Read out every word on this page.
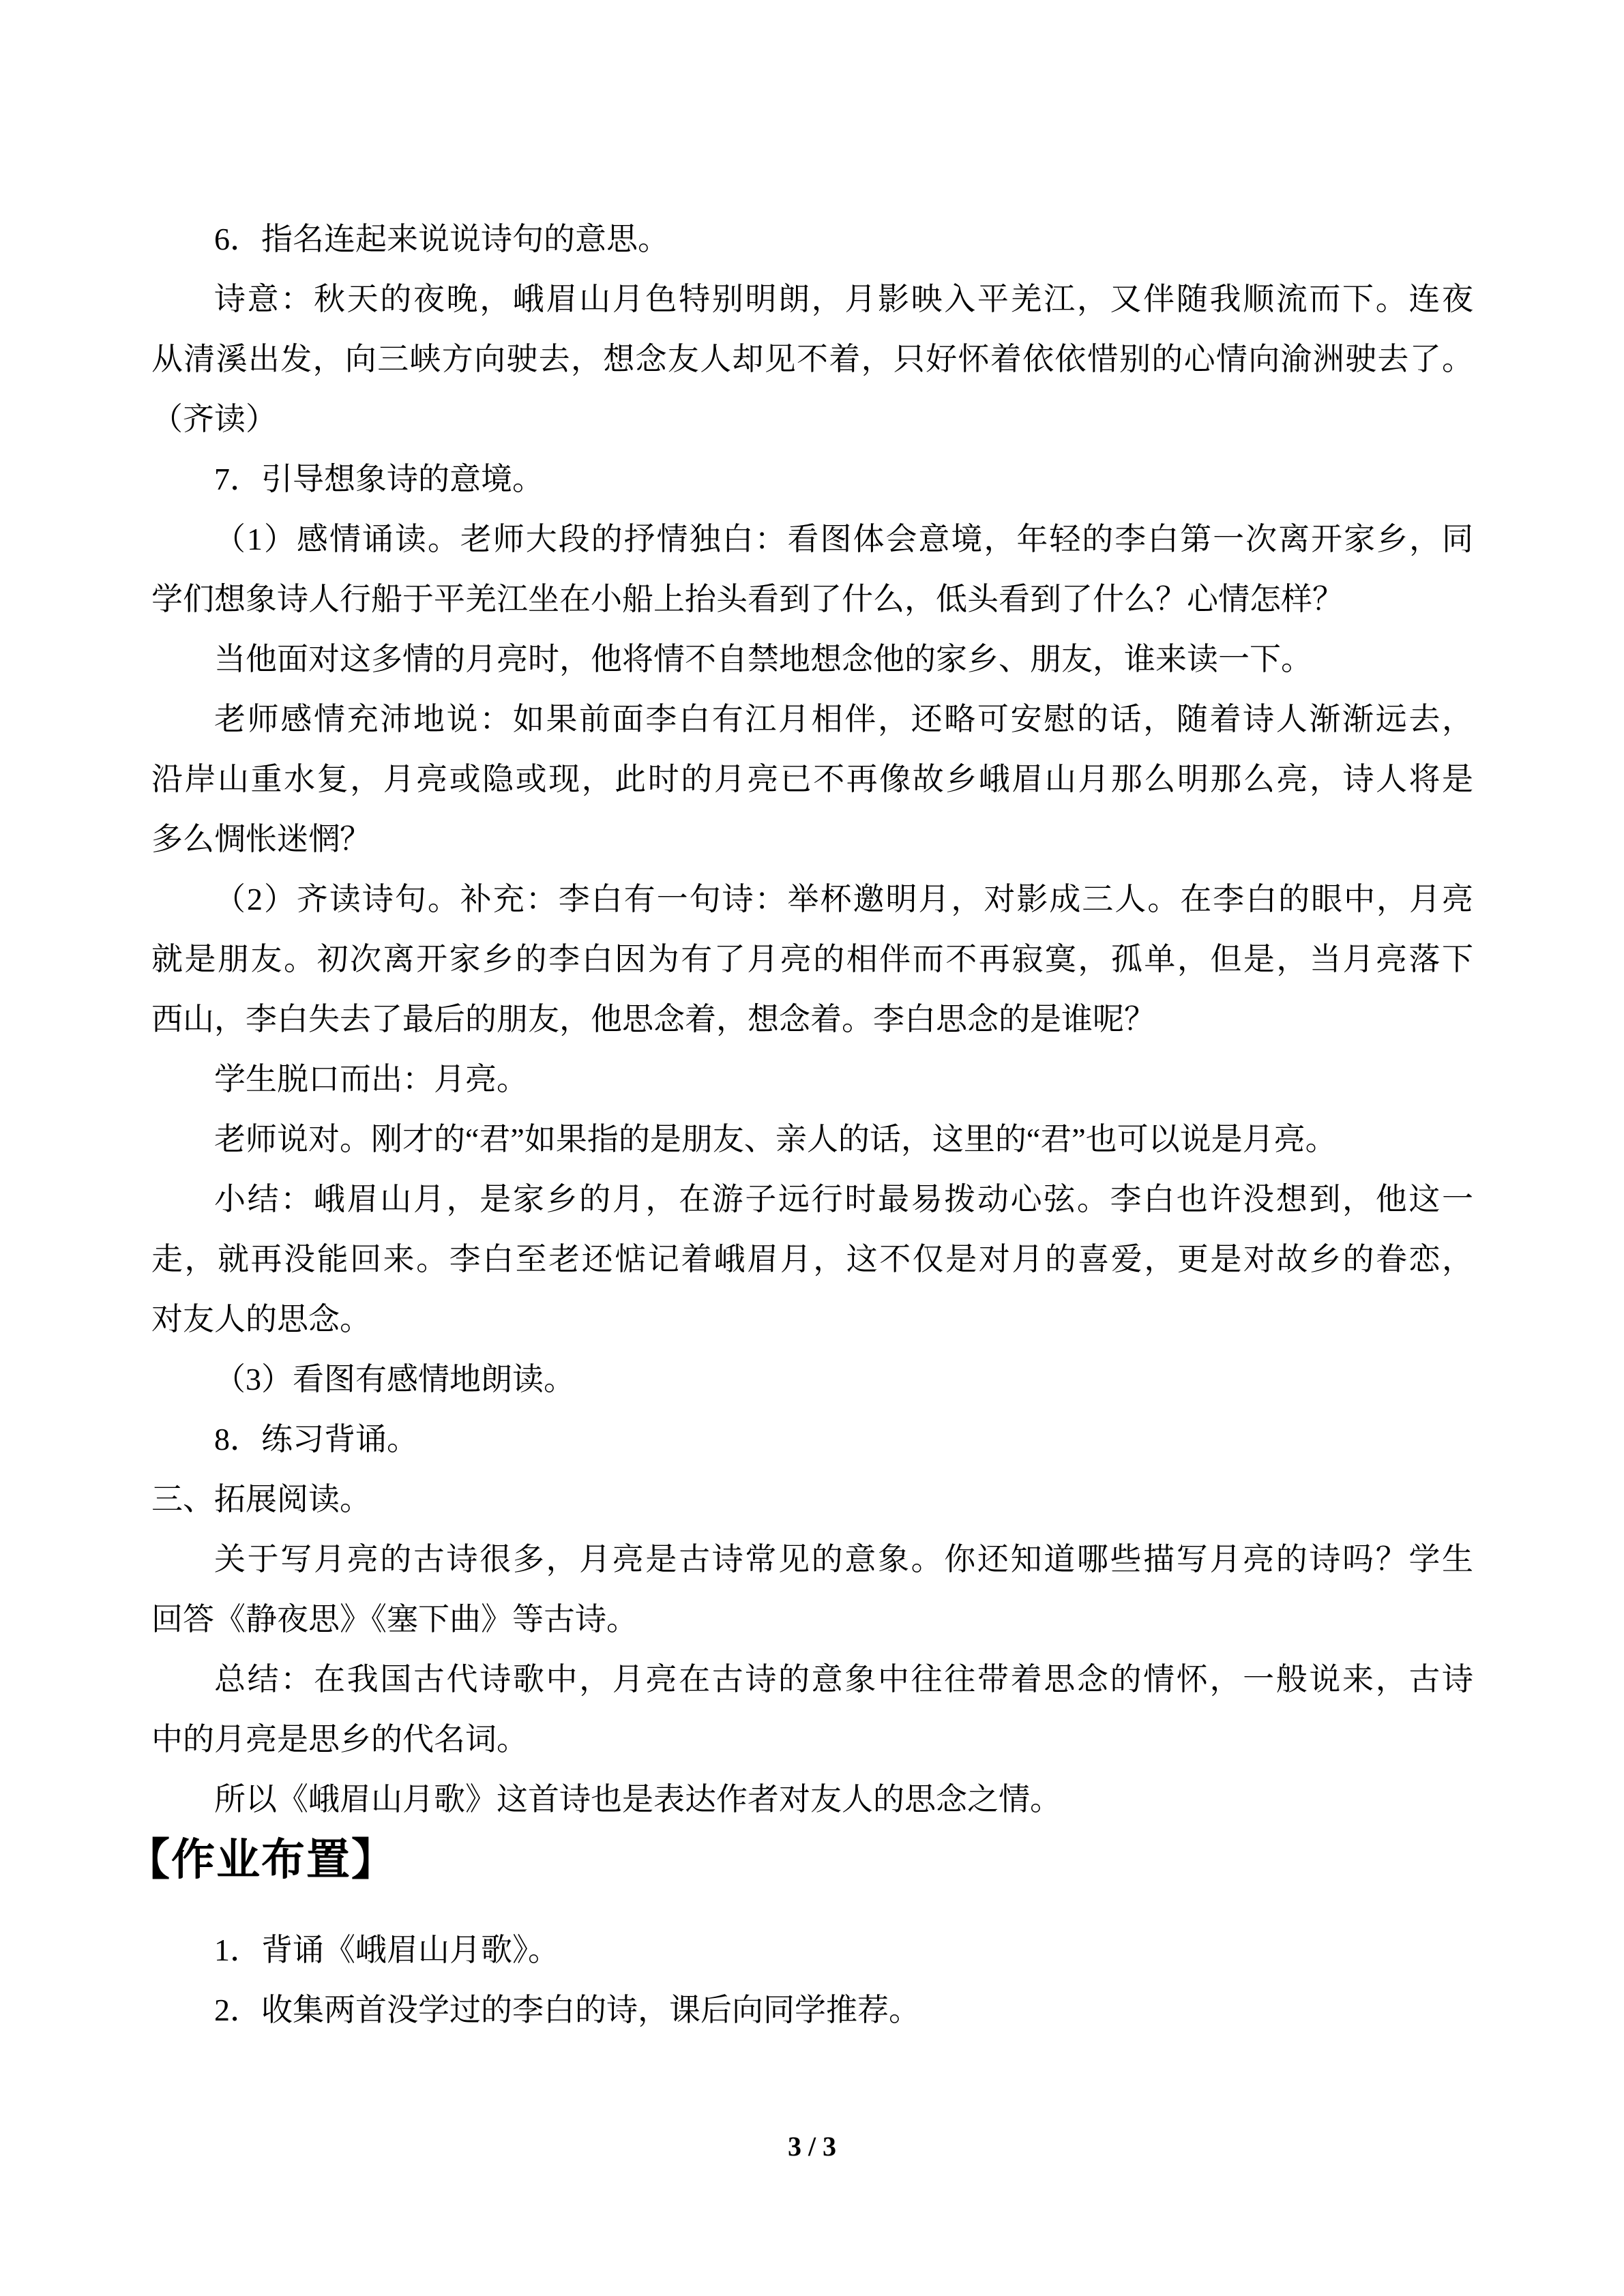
6．指名连起来说说诗句的意思。
诗意：秋天的夜晚，峨眉山月色特别明朗，月影映入平羌江，又伴随我顺流而下。连夜
从清溪出发，向三峡方向驶去，想念友人却见不着，只好怀着依依惜别的心情向渝洲驶去了。
（齐读）
7．引导想象诗的意境。
（1）感情诵读。老师大段的抒情独白：看图体会意境，年轻的李白第一次离开家乡，同
学们想象诗人行船于平羌江坐在小船上抬头看到了什么，低头看到了什么？心情怎样？
当他面对这多情的月亮时，他将情不自禁地想念他的家乡、朋友，谁来读一下。
老师感情充沛地说：如果前面李白有江月相伴，还略可安慰的话，随着诗人渐渐远去，
沿岸山重水复，月亮或隐或现，此时的月亮已不再像故乡峨眉山月那么明那么亮，诗人将是
多么惆怅迷惘？
（2）齐读诗句。补充：李白有一句诗：举杯邀明月，对影成三人。在李白的眼中，月亮
就是朋友。初次离开家乡的李白因为有了月亮的相伴而不再寂寞，孤单，但是，当月亮落下
西山，李白失去了最后的朋友，他思念着，想念着。李白思念的是谁呢？
学生脱口而出：月亮。
老师说对。刚才的“君”如果指的是朋友、亲人的话，这里的“君”也可以说是月亮。
小结：峨眉山月，是家乡的月，在游子远行时最易拨动心弦。李白也许没想到，他这一
走，就再没能回来。李白至老还惦记着峨眉月，这不仅是对月的喜爱，更是对故乡的眷恋，
对友人的思念。
（3）看图有感情地朗读。
8．练习背诵。
三、拓展阅读。
关于写月亮的古诗很多，月亮是古诗常见的意象。你还知道哪些描写月亮的诗吗？学生
回答《静夜思》《塞下曲》等古诗。
总结：在我国古代诗歌中，月亮在古诗的意象中往往带着思念的情怀，一般说来，古诗
中的月亮是思乡的代名词。
所以《峨眉山月歌》这首诗也是表达作者对友人的思念之情。
【作业布置】
1．背诵《峨眉山月歌》。
2．收集两首没学过的李白的诗，课后向同学推荐。
3 / 3
